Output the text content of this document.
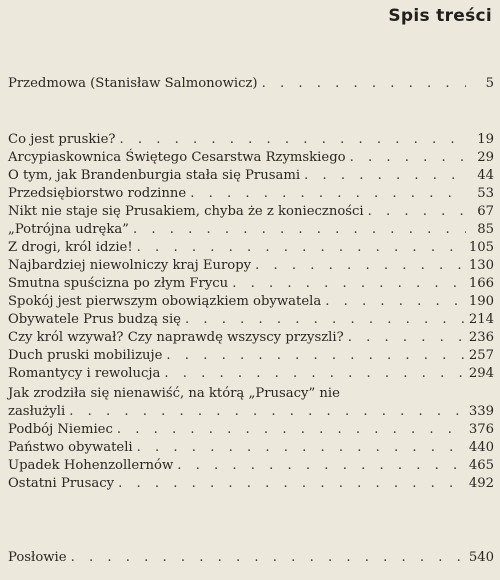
Spis treści
Przedmowa (Stanisław Salmonowicz) . . .	5
Co jest pruskie? . . .	19
Arcypiaskownica Świętego Cesarstwa Rzymskiego . . .	29
O tym, jak Brandenburgia stała się Prusami . . .	44
Przedsiębiorstwo rodzinne . . .	53
Nikt nie staje się Prusakiem, chyba że z konieczności . . .	67
„Potrójna udręka” . . .	85
Z drogi, król idzie! . . .	105
Najbardziej niewolniczy kraj Europy . . .	130
Smutna spuścizna po złym Frycu . . .	166
Spokój jest pierwszym obowiązkiem obywatela . . .	190
Obywatele Prus budzą się . . .	214
Czy król wzywał? Czy naprawdę wszyscy przyszli? . . .	236
Duch pruski mobilizuje . . .	257
Romantycy i rewolucja . . .	294
Jak zrodziła się nienawiść, na którą „Prusacy” nie
zasłużyli . . .	339
Podbój Niemiec . . .	376
Państwo obywateli . . .	440
Upadek Hohenzollernów . . .	465
Ostatni Prusacy . . .	492
Posłowie . . .	540
